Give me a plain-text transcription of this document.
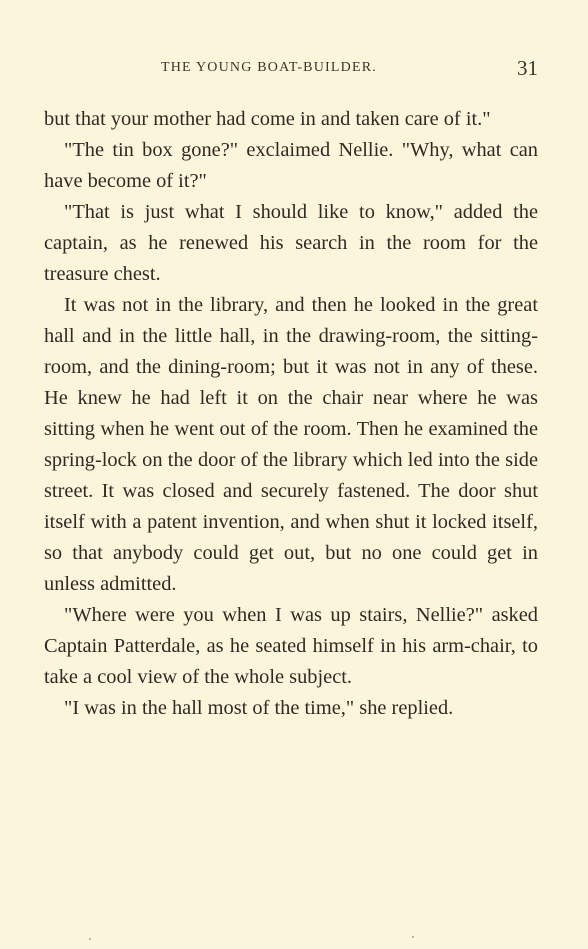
THE YOUNG BOAT-BUILDER.	31

but that your mother had come in and taken care of it."

"The tin box gone?" exclaimed Nellie. "Why, what can have become of it?"

"That is just what I should like to know," added the captain, as he renewed his search in the room for the treasure chest.

It was not in the library, and then he looked in the great hall and in the little hall, in the drawing-room, the sitting-room, and the dining-room; but it was not in any of these. He knew he had left it on the chair near where he was sitting when he went out of the room. Then he examined the spring-lock on the door of the library which led into the side street. It was closed and securely fastened. The door shut itself with a patent invention, and when shut it locked itself, so that anybody could get out, but no one could get in unless admitted.

"Where were you when I was up stairs, Nellie?" asked Captain Patterdale, as he seated himself in his arm-chair, to take a cool view of the whole subject.

"I was in the hall most of the time," she replied.
